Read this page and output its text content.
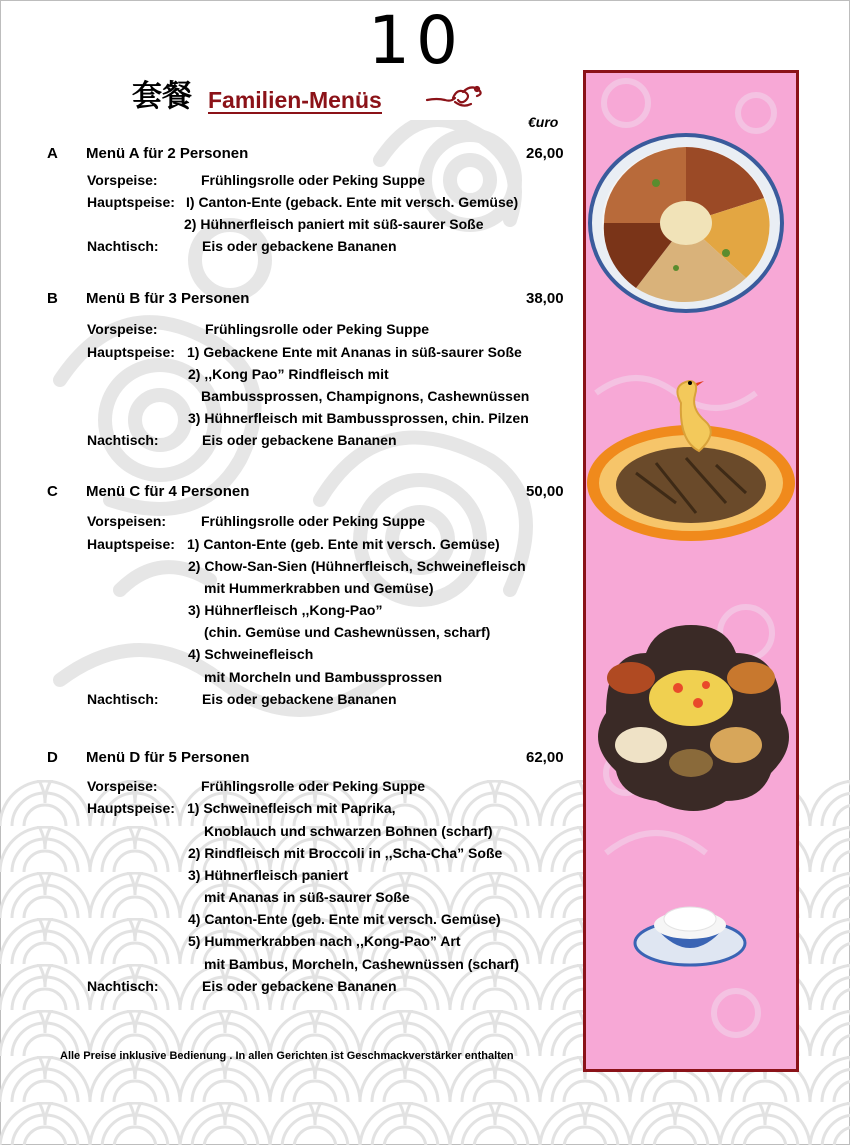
10
套餐 Familien-Menüs
€uro
A Menü A für 2 Personen	26,00
Vorspeise:	Frühlingsrolle oder Peking Suppe
Hauptspeise: I) Canton-Ente (geback. Ente mit versch. Gemüse)
2) Hühnerfleisch paniert mit süß-saurer Soße
Nachtisch:	Eis oder gebackene Bananen
B Menü B für 3 Personen	38,00
Vorspeise:	Frühlingsrolle oder Peking Suppe
Hauptspeise: 1) Gebackene Ente mit Ananas in süß-saurer Soße
2) ,,Kong Pao” Rindfleisch mit
Bambussprossen, Champignons, Cashewnüssen
3) Hühnerfleisch mit Bambussprossen, chin. Pilzen
Nachtisch:	Eis oder gebackene Bananen
C Menü C für 4 Personen	50,00
Vorspeisen: Frühlingsrolle oder Peking Suppe
Hauptspeise: 1) Canton-Ente (geb. Ente mit versch. Gemüse)
2) Chow-San-Sien (Hühnerfleisch, Schweinefleisch
mit Hummerkrabben und Gemüse)
3) Hühnerfleisch ,,Kong-Pao”
(chin. Gemüse und Cashewnüssen, scharf)
4) Schweinefleisch
mit Morcheln und Bambussprossen
Nachtisch:	Eis oder gebackene Bananen
D Menü D für 5 Personen	62,00
Vorspeise:	Frühlingsrolle oder Peking Suppe
Hauptspeise: 1) Schweinefleisch mit Paprika,
Knoblauch und schwarzen Bohnen (scharf)
2) Rindfleisch mit Broccoli in ,,Scha-Cha” Soße
3) Hühnerfleisch paniert
mit Ananas in süß-saurer Soße
4) Canton-Ente (geb. Ente mit versch. Gemüse)
5) Hummerkrabben nach ,,Kong-Pao” Art
mit Bambus, Morcheln, Cashewnüssen (scharf)
Nachtisch:	Eis oder gebackene Bananen
Alle Preise inklusive Bedienung . In allen Gerichten ist Geschmackverstärker enthalten
